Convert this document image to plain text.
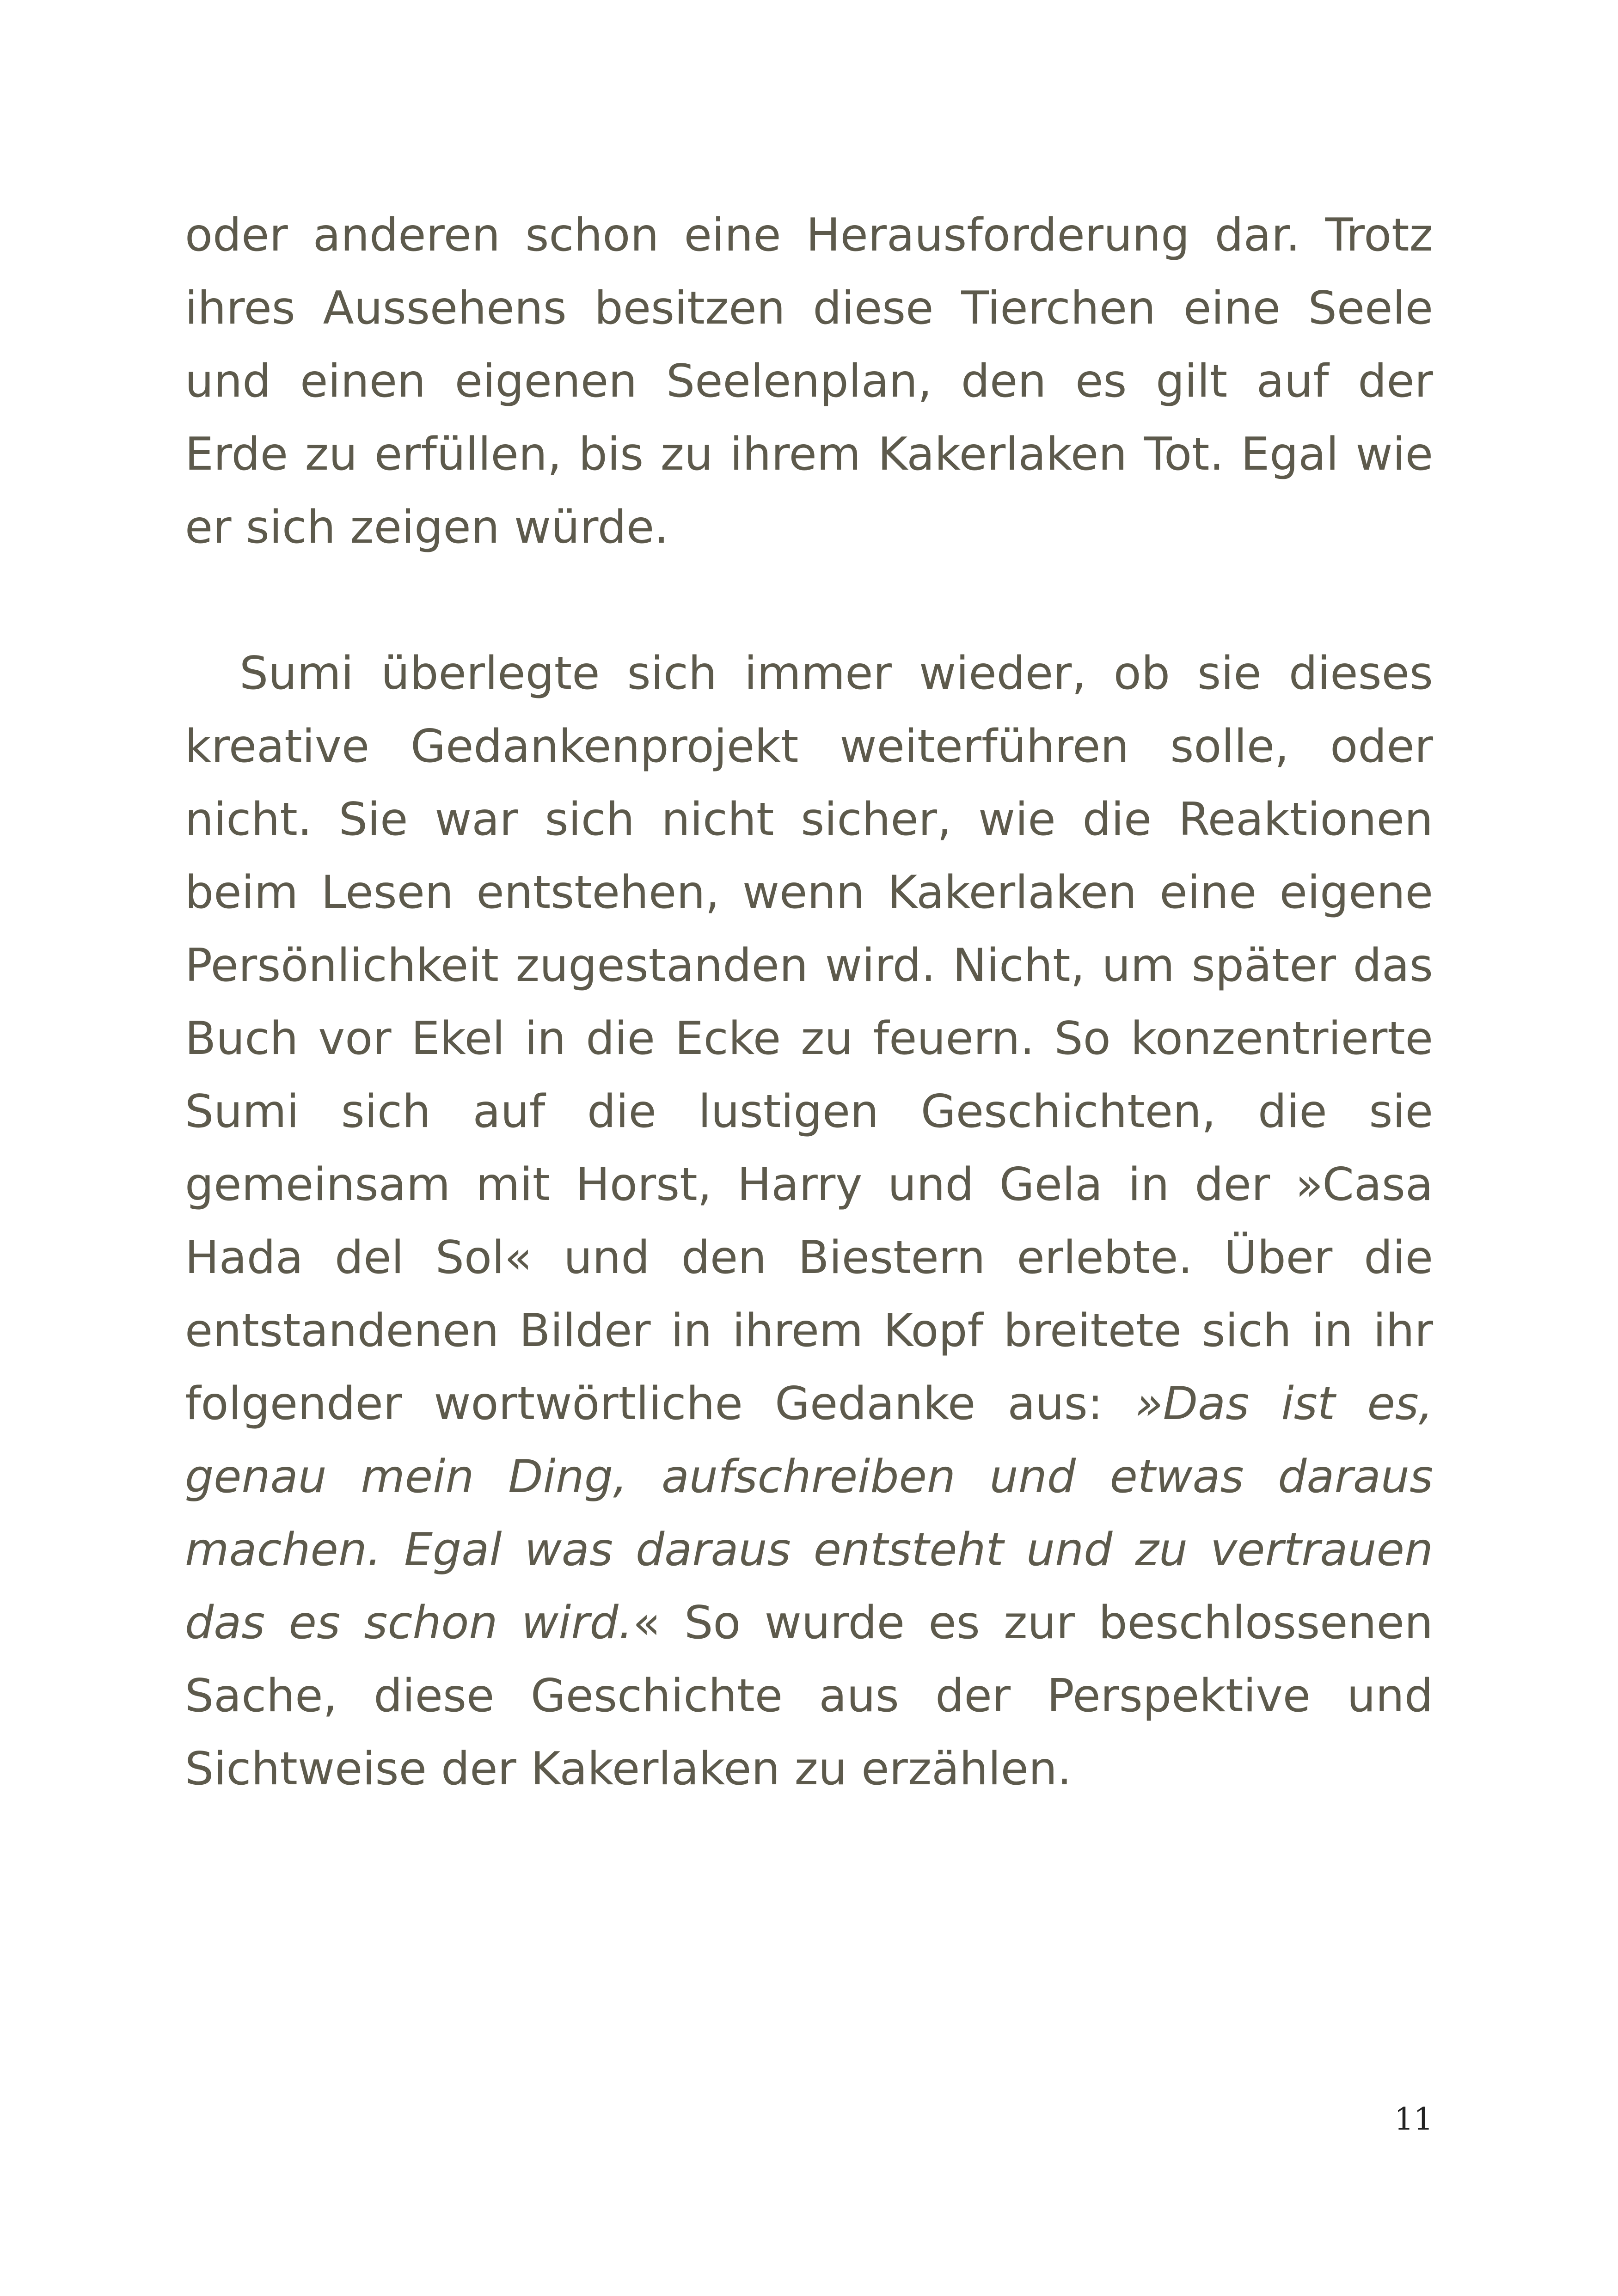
oder anderen schon eine Herausforderung dar. Trotz ihres Aussehens besitzen diese Tierchen eine Seele und einen eigenen Seelenplan, den es gilt auf der Erde zu erfüllen, bis zu ihrem Kakerlaken Tot. Egal wie er sich zeigen würde.

Sumi überlegte sich immer wieder, ob sie dieses kreative Gedankenprojekt weiterführen solle, oder nicht. Sie war sich nicht sicher, wie die Reaktionen beim Lesen entstehen, wenn Kakerlaken eine eigene Persönlichkeit zugestanden wird. Nicht, um später das Buch vor Ekel in die Ecke zu feuern. So konzentrierte Sumi sich auf die lustigen Geschichten, die sie gemeinsam mit Horst, Harry und Gela in der »Casa Hada del Sol« und den Biestern erlebte. Über die entstandenen Bilder in ihrem Kopf breitete sich in ihr folgender wortwörtliche Gedanke aus: »Das ist es, genau mein Ding, aufschreiben und etwas daraus machen. Egal was daraus entsteht und zu vertrauen das es schon wird.« So wurde es zur beschlossenen Sache, diese Geschichte aus der Perspektive und Sichtweise der Kakerlaken zu erzählen.

11
